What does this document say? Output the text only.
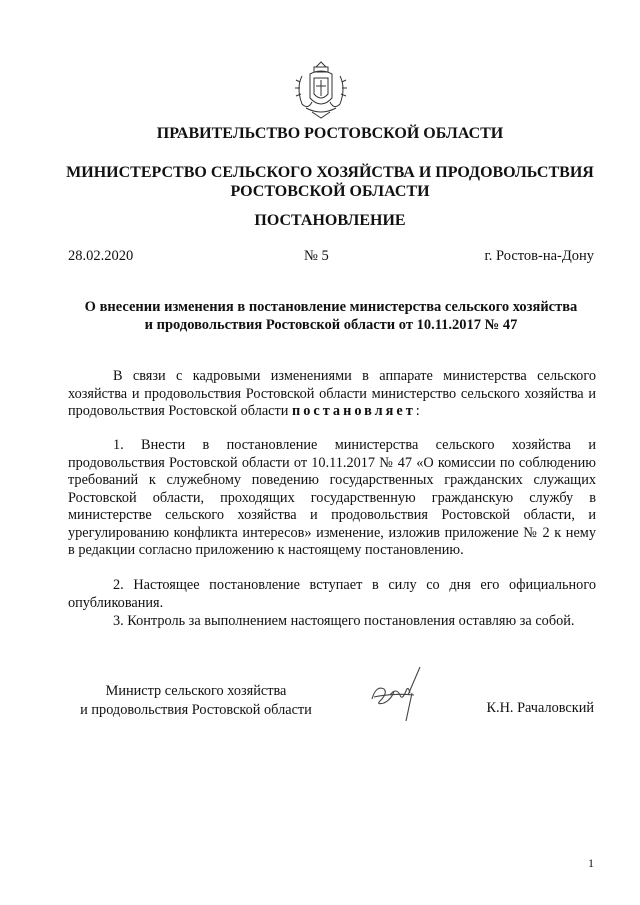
ПРАВИТЕЛЬСТВО РОСТОВСКОЙ ОБЛАСТИ
МИНИСТЕРСТВО СЕЛЬСКОГО ХОЗЯЙСТВА И ПРОДОВОЛЬСТВИЯ
РОСТОВСКОЙ ОБЛАСТИ
ПОСТАНОВЛЕНИЕ
28.02.2020	№ 5	г. Ростов-на-Дону
О внесении изменения в постановление министерства сельского хозяйства
и продовольствия Ростовской области от 10.11.2017 № 47
В связи с кадровыми изменениями в аппарате министерства сельского хозяйства и продовольствия Ростовской области министерство сельского хозяйства и продовольствия Ростовской области постановляет:
1. Внести в постановление министерства сельского хозяйства и продовольствия Ростовской области от 10.11.2017 № 47 «О комиссии по соблюдению требований к служебному поведению государственных гражданских служащих Ростовской области, проходящих государственную гражданскую службу в министерстве сельского хозяйства и продовольствия Ростовской области, и урегулированию конфликта интересов» изменение, изложив приложение № 2 к нему в редакции согласно приложению к настоящему постановлению.
2. Настоящее постановление вступает в силу со дня его официального опубликования.
3. Контроль за выполнением настоящего постановления оставляю за собой.
Министр сельского хозяйства
и продовольствия Ростовской области	К.Н. Рачаловский
1
